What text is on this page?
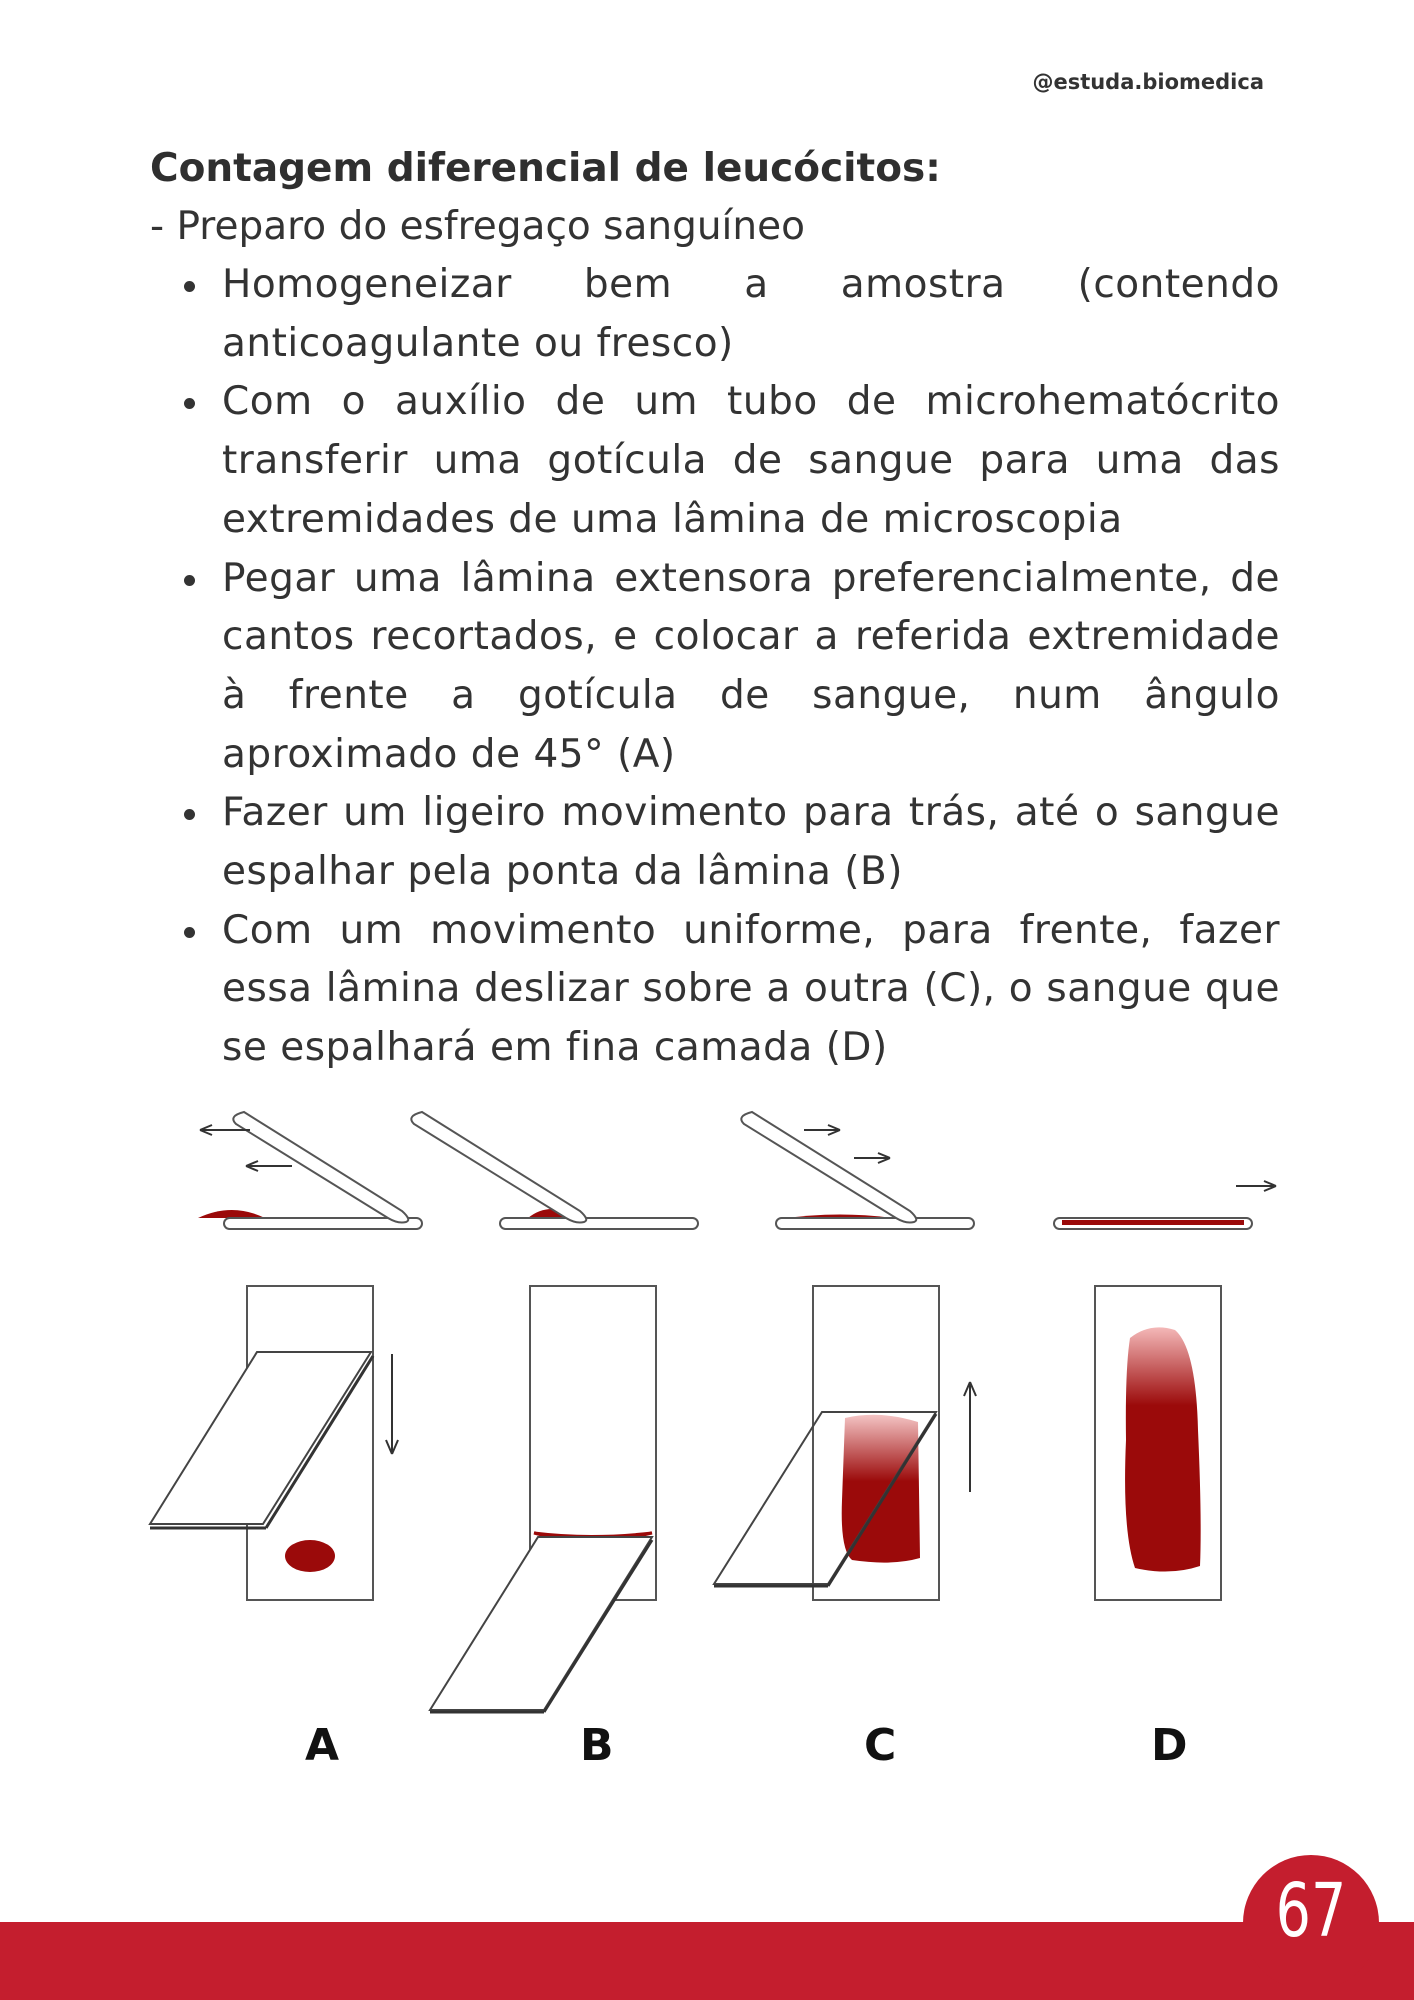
@estuda.biomedica

Contagem diferencial de leucócitos:

- Preparo do esfregaço sanguíneo

Homogeneizar bem a amostra (contendo anticoagulante ou fresco)
Com o auxílio de um tubo de microhematócrito transferir uma gotícula de sangue para uma das extremidades de uma lâmina de microscopia
Pegar uma lâmina extensora preferencialmente, de cantos recortados, e colocar a referida extremidade à frente a gotícula de sangue, num ângulo aproximado de 45° (A)
Fazer um ligeiro movimento para trás, até o sangue espalhar pela ponta da lâmina (B)
Com um movimento uniforme, para frente, fazer essa lâmina deslizar sobre a outra (C), o sangue que se espalhará em fina camada (D)
A	B	C	D
67
